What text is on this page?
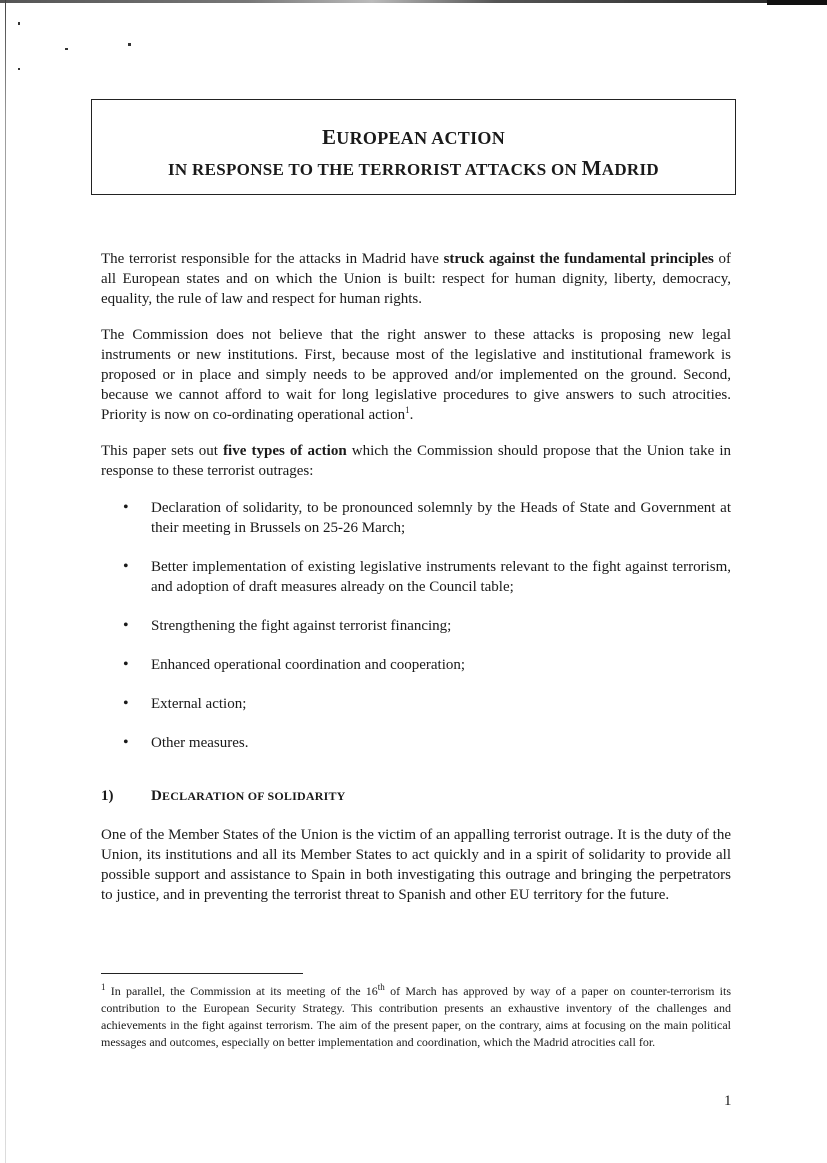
EUROPEAN ACTION
IN RESPONSE TO THE TERRORIST ATTACKS ON MADRID

The terrorist responsible for the attacks in Madrid have struck against the fundamental principles of all European states and on which the Union is built: respect for human dignity, liberty, democracy, equality, the rule of law and respect for human rights.

The Commission does not believe that the right answer to these attacks is proposing new legal instruments or new institutions. First, because most of the legislative and institutional framework is proposed or in place and simply needs to be approved and/or implemented on the ground. Second, because we cannot afford to wait for long legislative procedures to give answers to such atrocities. Priority is now on co-ordinating operational action$^1$.

This paper sets out five types of action which the Commission should propose that the Union take in response to these terrorist outrages:

• Declaration of solidarity, to be pronounced solemnly by the Heads of State and Government at their meeting in Brussels on 25-26 March;
• Better implementation of existing legislative instruments relevant to the fight against terrorism, and adoption of draft measures already on the Council table;
• Strengthening the fight against terrorist financing;
• Enhanced operational coordination and cooperation;
• External action;
• Other measures.
1)	DECLARATION OF SOLIDARITY

One of the Member States of the Union is the victim of an appalling terrorist outrage. It is the duty of the Union, its institutions and all its Member States to act quickly and in a spirit of solidarity to provide all possible support and assistance to Spain in both investigating this outrage and bringing the perpetrators to justice, and in preventing the terrorist threat to Spanish and other EU territory for the future.

$^1$ In parallel, the Commission at its meeting of the 16th of March has approved by way of a paper on counter-terrorism its contribution to the European Security Strategy. This contribution presents an exhaustive inventory of the challenges and achievements in the fight against terrorism. The aim of the present paper, on the contrary, aims at focusing on the main political messages and outcomes, especially on better implementation and coordination, which the Madrid atrocities call for.

1
